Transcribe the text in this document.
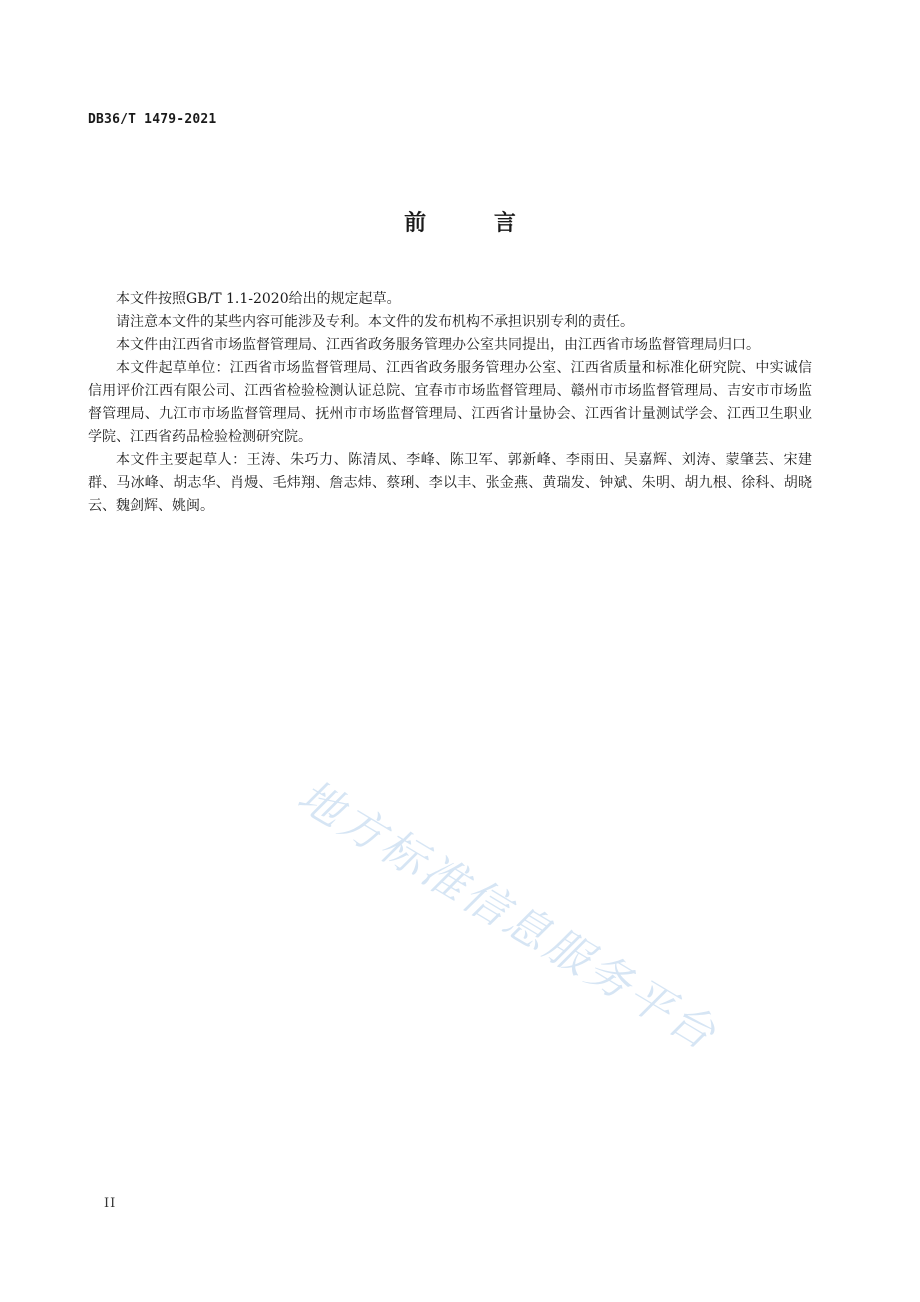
DB36/T 1479-2021
前 言

本文件按照GB/T 1.1-2020给出的规定起草。

请注意本文件的某些内容可能涉及专利。本文件的发布机构不承担识别专利的责任。

本文件由江西省市场监督管理局、江西省政务服务管理办公室共同提出，由江西省市场监督管理局归口。

本文件起草单位：江西省市场监督管理局、江西省政务服务管理办公室、江西省质量和标准化研究院、中实诚信信用评价江西有限公司、江西省检验检测认证总院、宜春市市场监督管理局、赣州市市场监督管理局、吉安市市场监督管理局、九江市市场监督管理局、抚州市市场监督管理局、江西省计量协会、江西省计量测试学会、江西卫生职业学院、江西省药品检验检测研究院。

本文件主要起草人：王涛、朱巧力、陈清凤、李峰、陈卫军、郭新峰、李雨田、吴嘉辉、刘涛、蒙肇芸、宋建群、马冰峰、胡志华、肖熳、毛炜翔、詹志炜、蔡琍、李以丰、张金燕、黄瑞发、钟斌、朱明、胡九根、徐科、胡晓云、魏剑辉、姚闽。

地方标准信息服务平台
II
